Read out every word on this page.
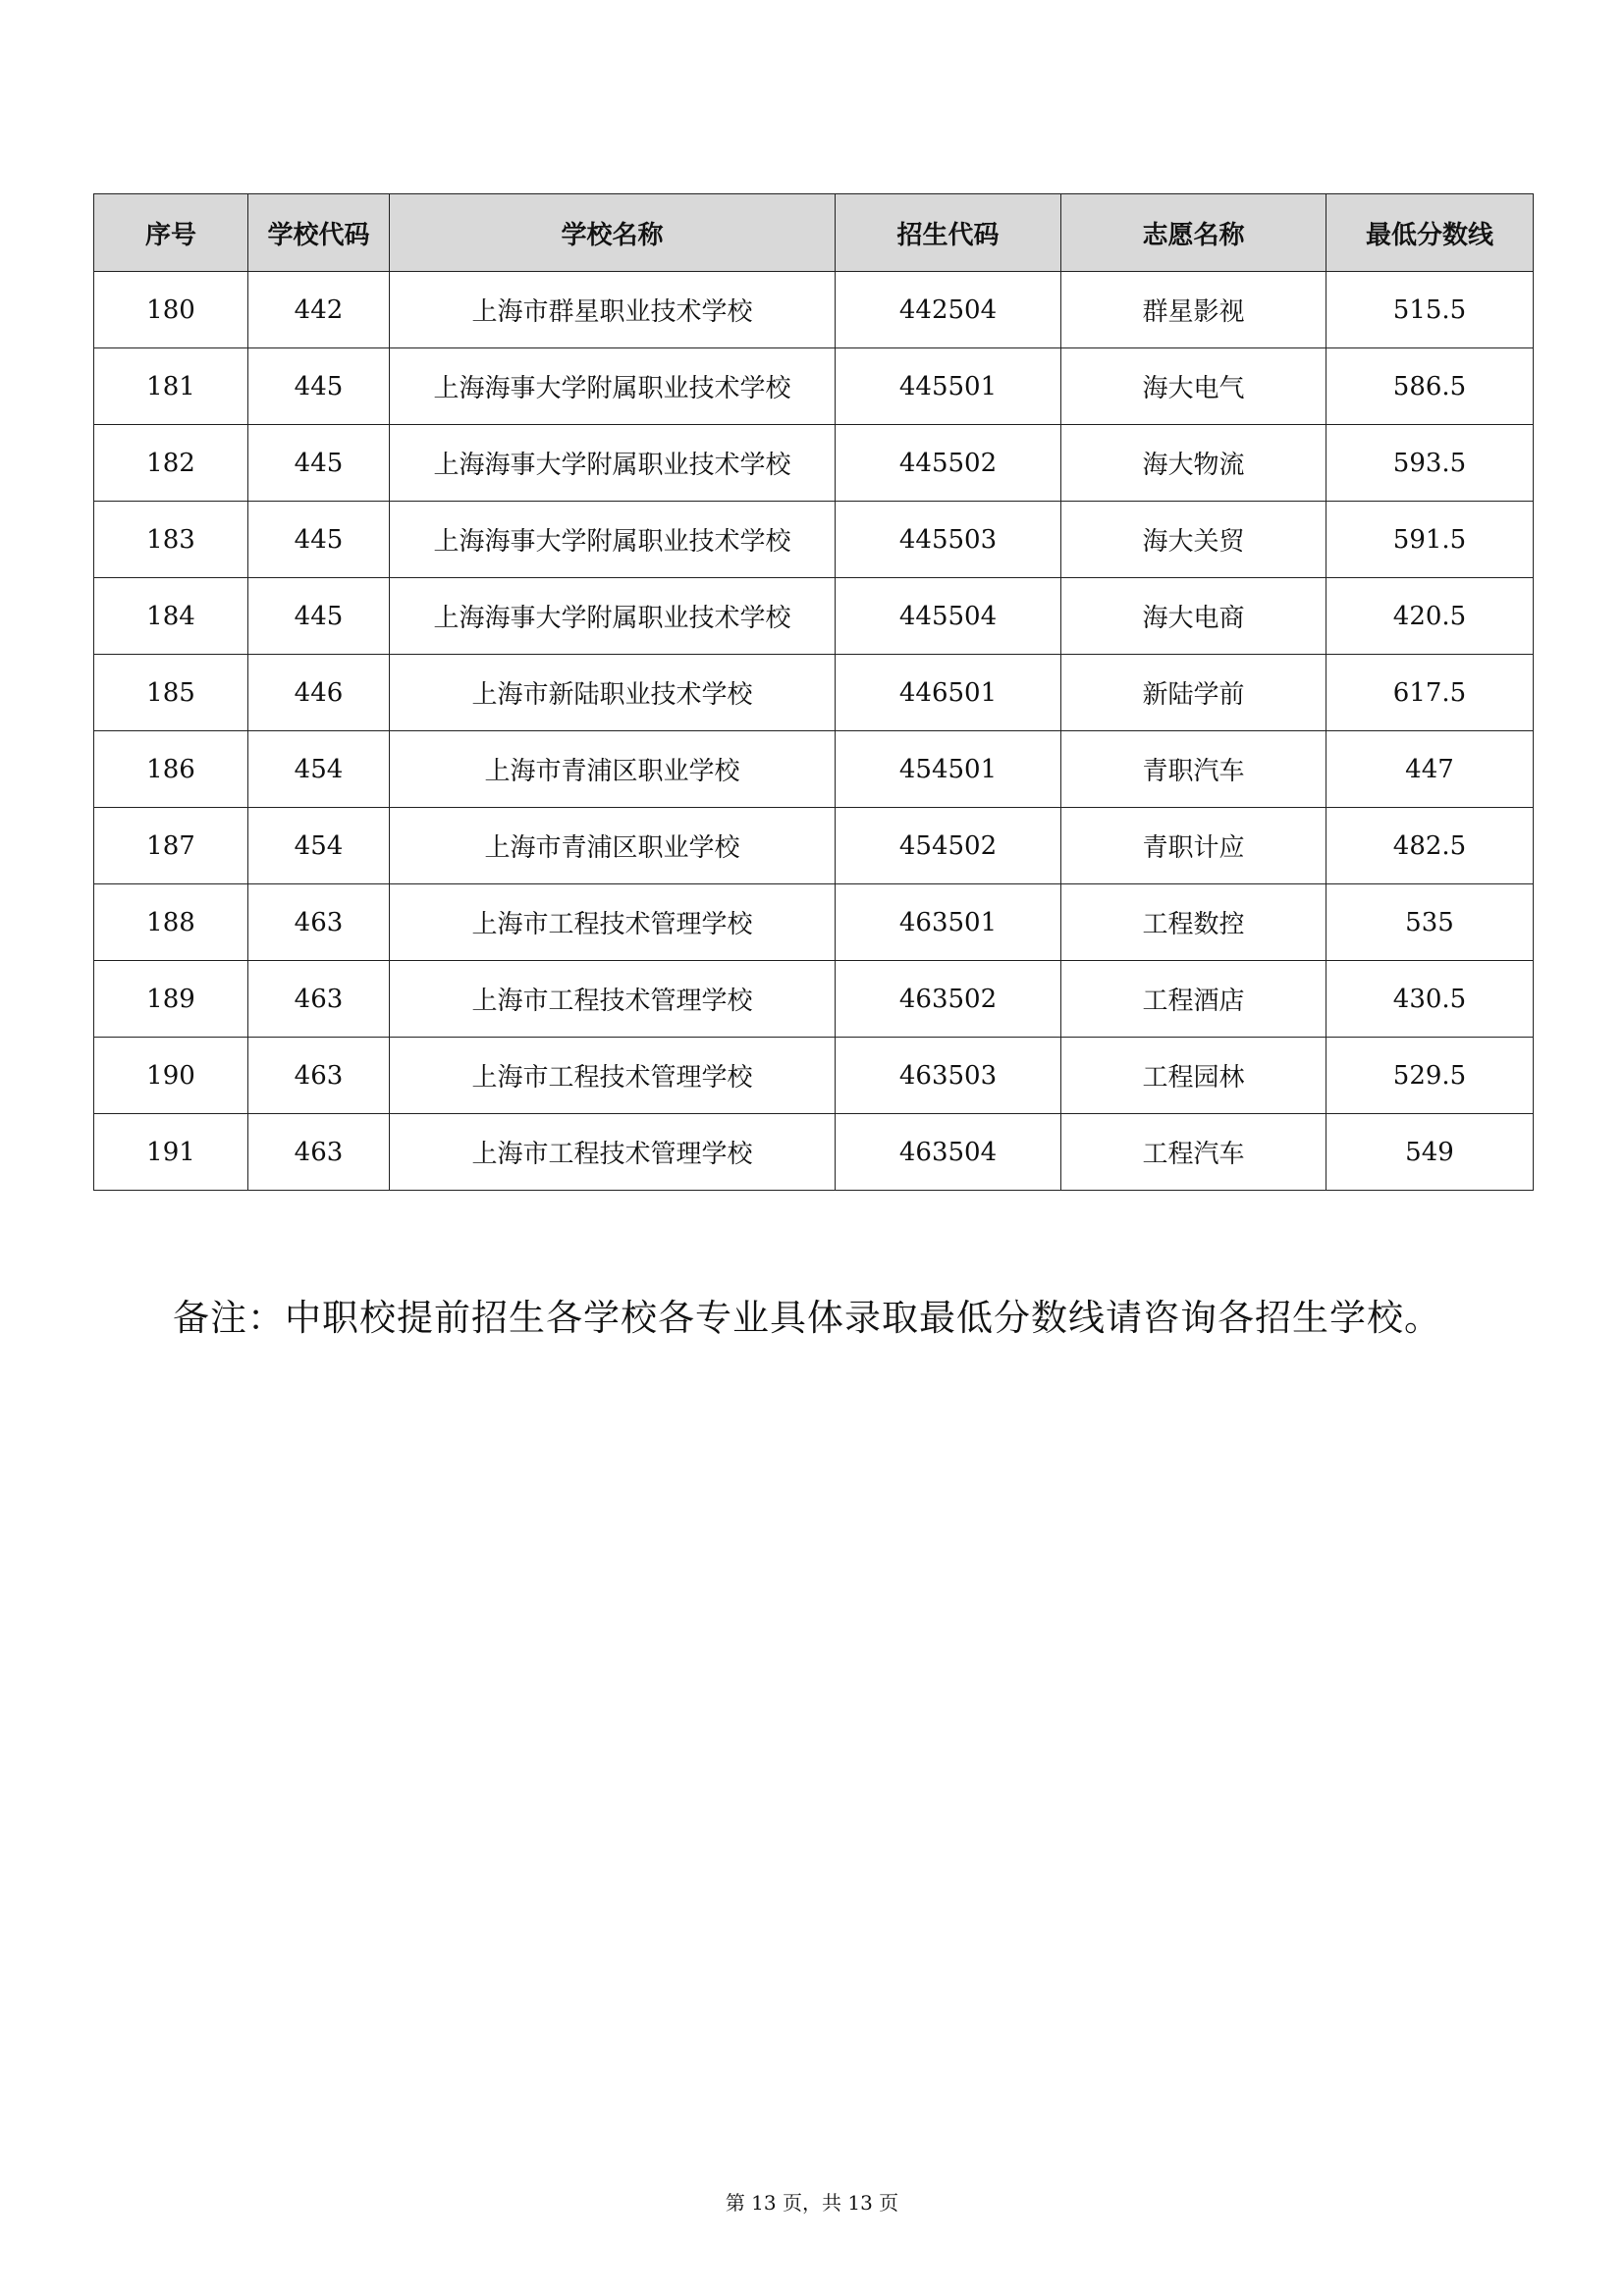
序号	学校代码	学校名称	招生代码	志愿名称	最低分数线
180	442	上海市群星职业技术学校	442504	群星影视	515.5
181	445	上海海事大学附属职业技术学校	445501	海大电气	586.5
182	445	上海海事大学附属职业技术学校	445502	海大物流	593.5
183	445	上海海事大学附属职业技术学校	445503	海大关贸	591.5
184	445	上海海事大学附属职业技术学校	445504	海大电商	420.5
185	446	上海市新陆职业技术学校	446501	新陆学前	617.5
186	454	上海市青浦区职业学校	454501	青职汽车	447
187	454	上海市青浦区职业学校	454502	青职计应	482.5
188	463	上海市工程技术管理学校	463501	工程数控	535
189	463	上海市工程技术管理学校	463502	工程酒店	430.5
190	463	上海市工程技术管理学校	463503	工程园林	529.5
191	463	上海市工程技术管理学校	463504	工程汽车	549
备注：中职校提前招生各学校各专业具体录取最低分数线请咨询各招生学校。
第 13 页，共 13 页
